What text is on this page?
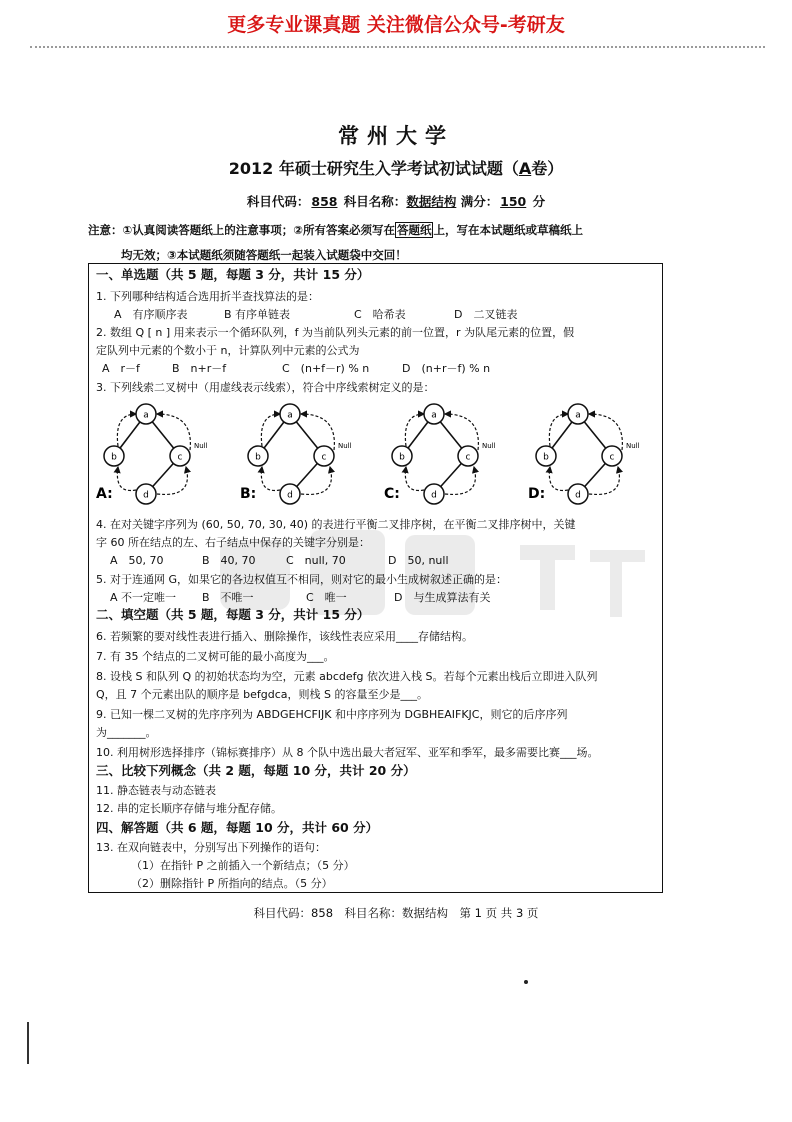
更多专业课真题 关注微信公众号-考研友
常州大学
2012 年硕士研究生入学考试初试试题（A卷）
科目代码： 858 科目名称：数据结构 满分： 150 分
注意：①认真阅读答题纸上的注意事项；②所有答案必须写在 答题纸 上，写在本试题纸或草稿纸上
均无效；③本试题纸须随答题纸一起装入试题袋中交回！
一、单选题（共 5 题，每题 3 分，共计 15 分）
1. 下列哪种结构适合选用折半查找算法的是：
A　有序顺序表	B 有序单链表	C　哈希表	D　二叉链表
2. 数组 Q [ n ] 用来表示一个循环队列，f 为当前队列头元素的前一位置，r 为队尾元素的位置，假
定队列中元素的个数小于 n，计算队列中元素的公式为
A　r－f	B　n+r－f	C　(n+f－r) % n	D　(n+r－f) % n
3. 下列线索二叉树中（用虚线表示线索），符合中序线索树定义的是：
a
b	c
d
Null
A:
a
b	c
d
Null
B:
a
b	c
d
Null
C:
a
b	c
d
Null
D:
4. 在对关键字序列为 (60, 50, 70, 30, 40) 的表进行平衡二叉排序树，在平衡二叉排序树中，关键
字 60 所在结点的左、右子结点中保存的关键字分别是：
A　50, 70	B　40, 70	C　null, 70	D　50, null
5. 对于连通网 G，如果它的各边权值互不相同，则对它的最小生成树叙述正确的是：
A 不一定唯一 B　不唯一	C　唯一	D　与生成算法有关
二、填空题（共 5 题，每题 3 分，共计 15 分）
6. 若频繁的要对线性表进行插入、删除操作，该线性表应采用____存储结构。
7. 有 35 个结点的二叉树可能的最小高度为___。
8. 设栈 S 和队列 Q 的初始状态均为空，元素 abcdefg 依次进入栈 S。若每个元素出栈后立即进入队列
Q，且 7 个元素出队的顺序是 befgdca，则栈 S 的容量至少是___。
9. 已知一棵二叉树的先序序列为 ABDGEHCFIJK 和中序序列为 DGBHEAIFKJC，则它的后序序列
为_______。
10. 利用树形选择排序（锦标赛排序）从 8 个队中选出最大者冠军、亚军和季军，最多需要比赛___场。
三、比较下列概念（共 2 题，每题 10 分，共计 20 分）
11. 静态链表与动态链表
12. 串的定长顺序存储与堆分配存储。
四、解答题（共 6 题，每题 10 分，共计 60 分）
13. 在双向链表中，分别写出下列操作的语句：
（1）在指针 P 之前插入一个新结点；（5 分）
（2）删除指针 P 所指向的结点。（5 分）
科目代码：858　科目名称：数据结构　第 1 页 共 3 页
